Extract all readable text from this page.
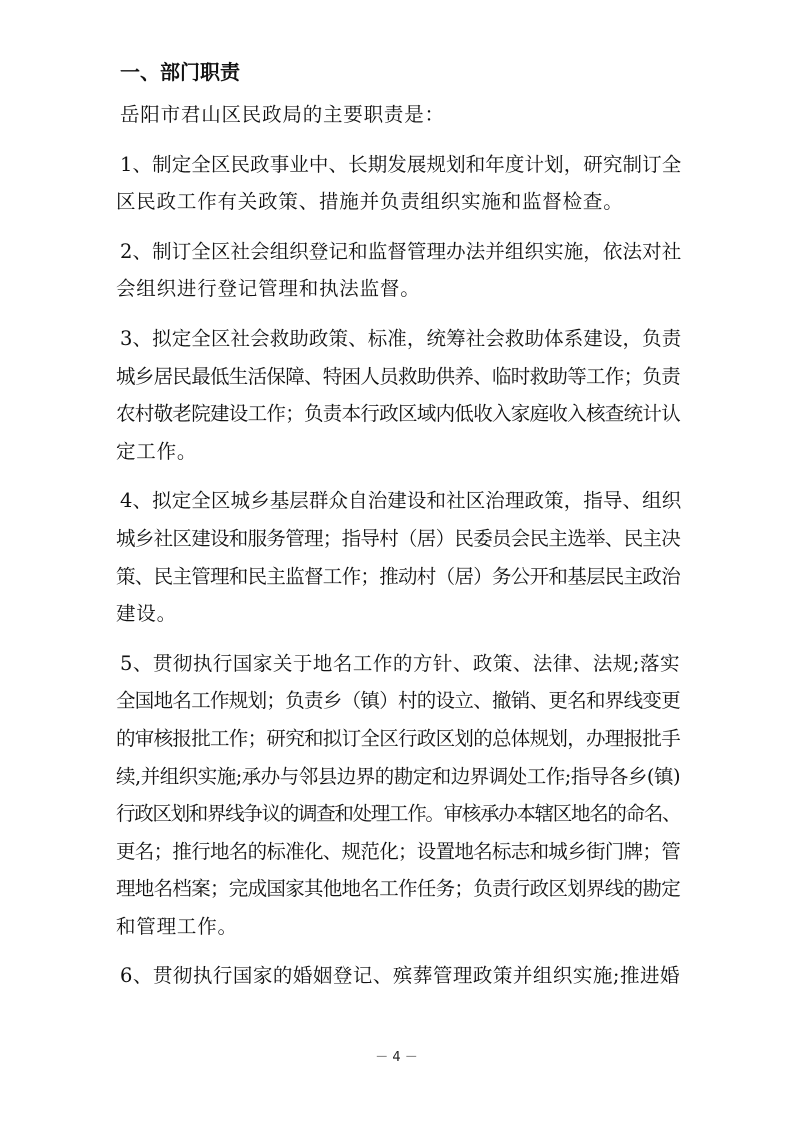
一、部门职责
岳阳市君山区民政局的主要职责是：
1、制定全区民政事业中、长期发展规划和年度计划，研究制订全
区民政工作有关政策、措施并负责组织实施和监督检查。
2、制订全区社会组织登记和监督管理办法并组织实施，依法对社
会组织进行登记管理和执法监督。
3、拟定全区社会救助政策、标准，统筹社会救助体系建设，负责
城乡居民最低生活保障、特困人员救助供养、临时救助等工作；负责
农村敬老院建设工作；负责本行政区域内低收入家庭收入核查统计认
定工作。
4、拟定全区城乡基层群众自治建设和社区治理政策，指导、组织
城乡社区建设和服务管理；指导村（居）民委员会民主选举、民主决
策、民主管理和民主监督工作；推动村（居）务公开和基层民主政治
建设。
5、贯彻执行国家关于地名工作的方针、政策、法律、法规;落实
全国地名工作规划；负责乡（镇）村的设立、撤销、更名和界线变更
的审核报批工作；研究和拟订全区行政区划的总体规划，办理报批手
续,并组织实施;承办与邻县边界的勘定和边界调处工作;指导各乡(镇)
行政区划和界线争议的调查和处理工作。审核承办本辖区地名的命名、
更名；推行地名的标准化、规范化；设置地名标志和城乡街门牌；管
理地名档案；完成国家其他地名工作任务；负责行政区划界线的勘定
和管理工作。
6、贯彻执行国家的婚姻登记、殡葬管理政策并组织实施;推进婚
－ 4 －
